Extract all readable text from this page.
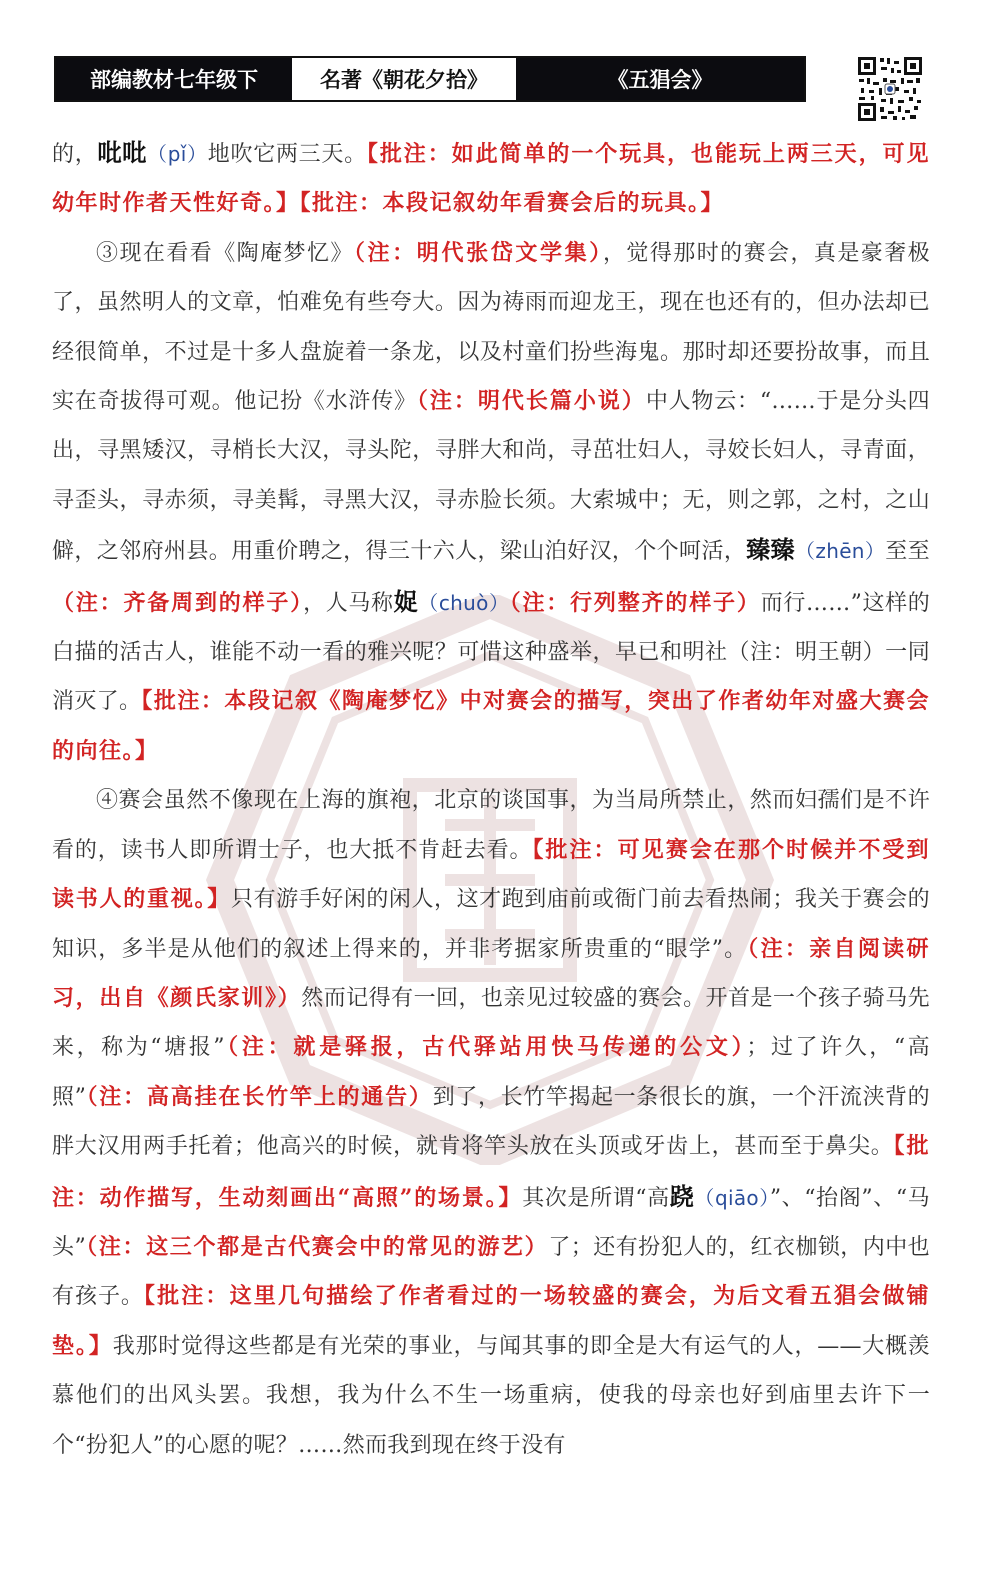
部编教材七年级下	名著《朝花夕拾》	《五猖会》

的，吡吡（pǐ）地吹它两三天。【批注：如此简单的一个玩具，也能玩上两三天，可见幼年时作者天性好奇。】【批注：本段记叙幼年看赛会后的玩具。】

③现在看看《陶庵梦忆》（注：明代张岱文学集），觉得那时的赛会，真是豪奢极了，虽然明人的文章，怕难免有些夸大。因为祷雨而迎龙王，现在也还有的，但办法却已经很简单，不过是十多人盘旋着一条龙，以及村童们扮些海鬼。那时却还要扮故事，而且实在奇拔得可观。他记扮《水浒传》（注：明代长篇小说）中人物云：“……于是分头四出，寻黑矮汉，寻梢长大汉，寻头陀，寻胖大和尚，寻茁壮妇人，寻姣长妇人，寻青面，寻歪头，寻赤须，寻美髯，寻黑大汉，寻赤脸长须。大索城中；无，则之郭，之村，之山僻，之邻府州县。用重价聘之，得三十六人，梁山泊好汉，个个呵活，臻臻（zhēn）至至（注：齐备周到的样子），人马称娖（chuò）（注：行列整齐的样子）而行……”这样的白描的活古人，谁能不动一看的雅兴呢？可惜这种盛举，早已和明社（注：明王朝）一同消灭了。【批注：本段记叙《陶庵梦忆》中对赛会的描写，突出了作者幼年对盛大赛会的向往。】

④赛会虽然不像现在上海的旗袍，北京的谈国事，为当局所禁止，然而妇孺们是不许看的，读书人即所谓士子，也大抵不肯赶去看。【批注：可见赛会在那个时候并不受到读书人的重视。】只有游手好闲的闲人，这才跑到庙前或衙门前去看热闹；我关于赛会的知识，多半是从他们的叙述上得来的，并非考据家所贵重的“眼学”。（注：亲自阅读研习，出自《颜氏家训》）然而记得有一回，也亲见过较盛的赛会。开首是一个孩子骑马先来，称为“塘报”（注：就是驿报，古代驿站用快马传递的公文）；过了许久，“高照”（注：高高挂在长竹竿上的通告）到了，长竹竿揭起一条很长的旗，一个汗流浃背的胖大汉用两手托着；他高兴的时候，就肯将竿头放在头顶或牙齿上，甚而至于鼻尖。【批注：动作描写，生动刻画出“高照”的场景。】其次是所谓“高跷（qiāo）”、“抬阁”、“马头”（注：这三个都是古代赛会中的常见的游艺）了；还有扮犯人的，红衣枷锁，内中也有孩子。【批注：这里几句描绘了作者看过的一场较盛的赛会，为后文看五猖会做铺垫。】我那时觉得这些都是有光荣的事业，与闻其事的即全是大有运气的人，——大概羡慕他们的出风头罢。我想，我为什么不生一场重病，使我的母亲也好到庙里去许下一个“扮犯人”的心愿的呢？……然而我到现在终于没有
